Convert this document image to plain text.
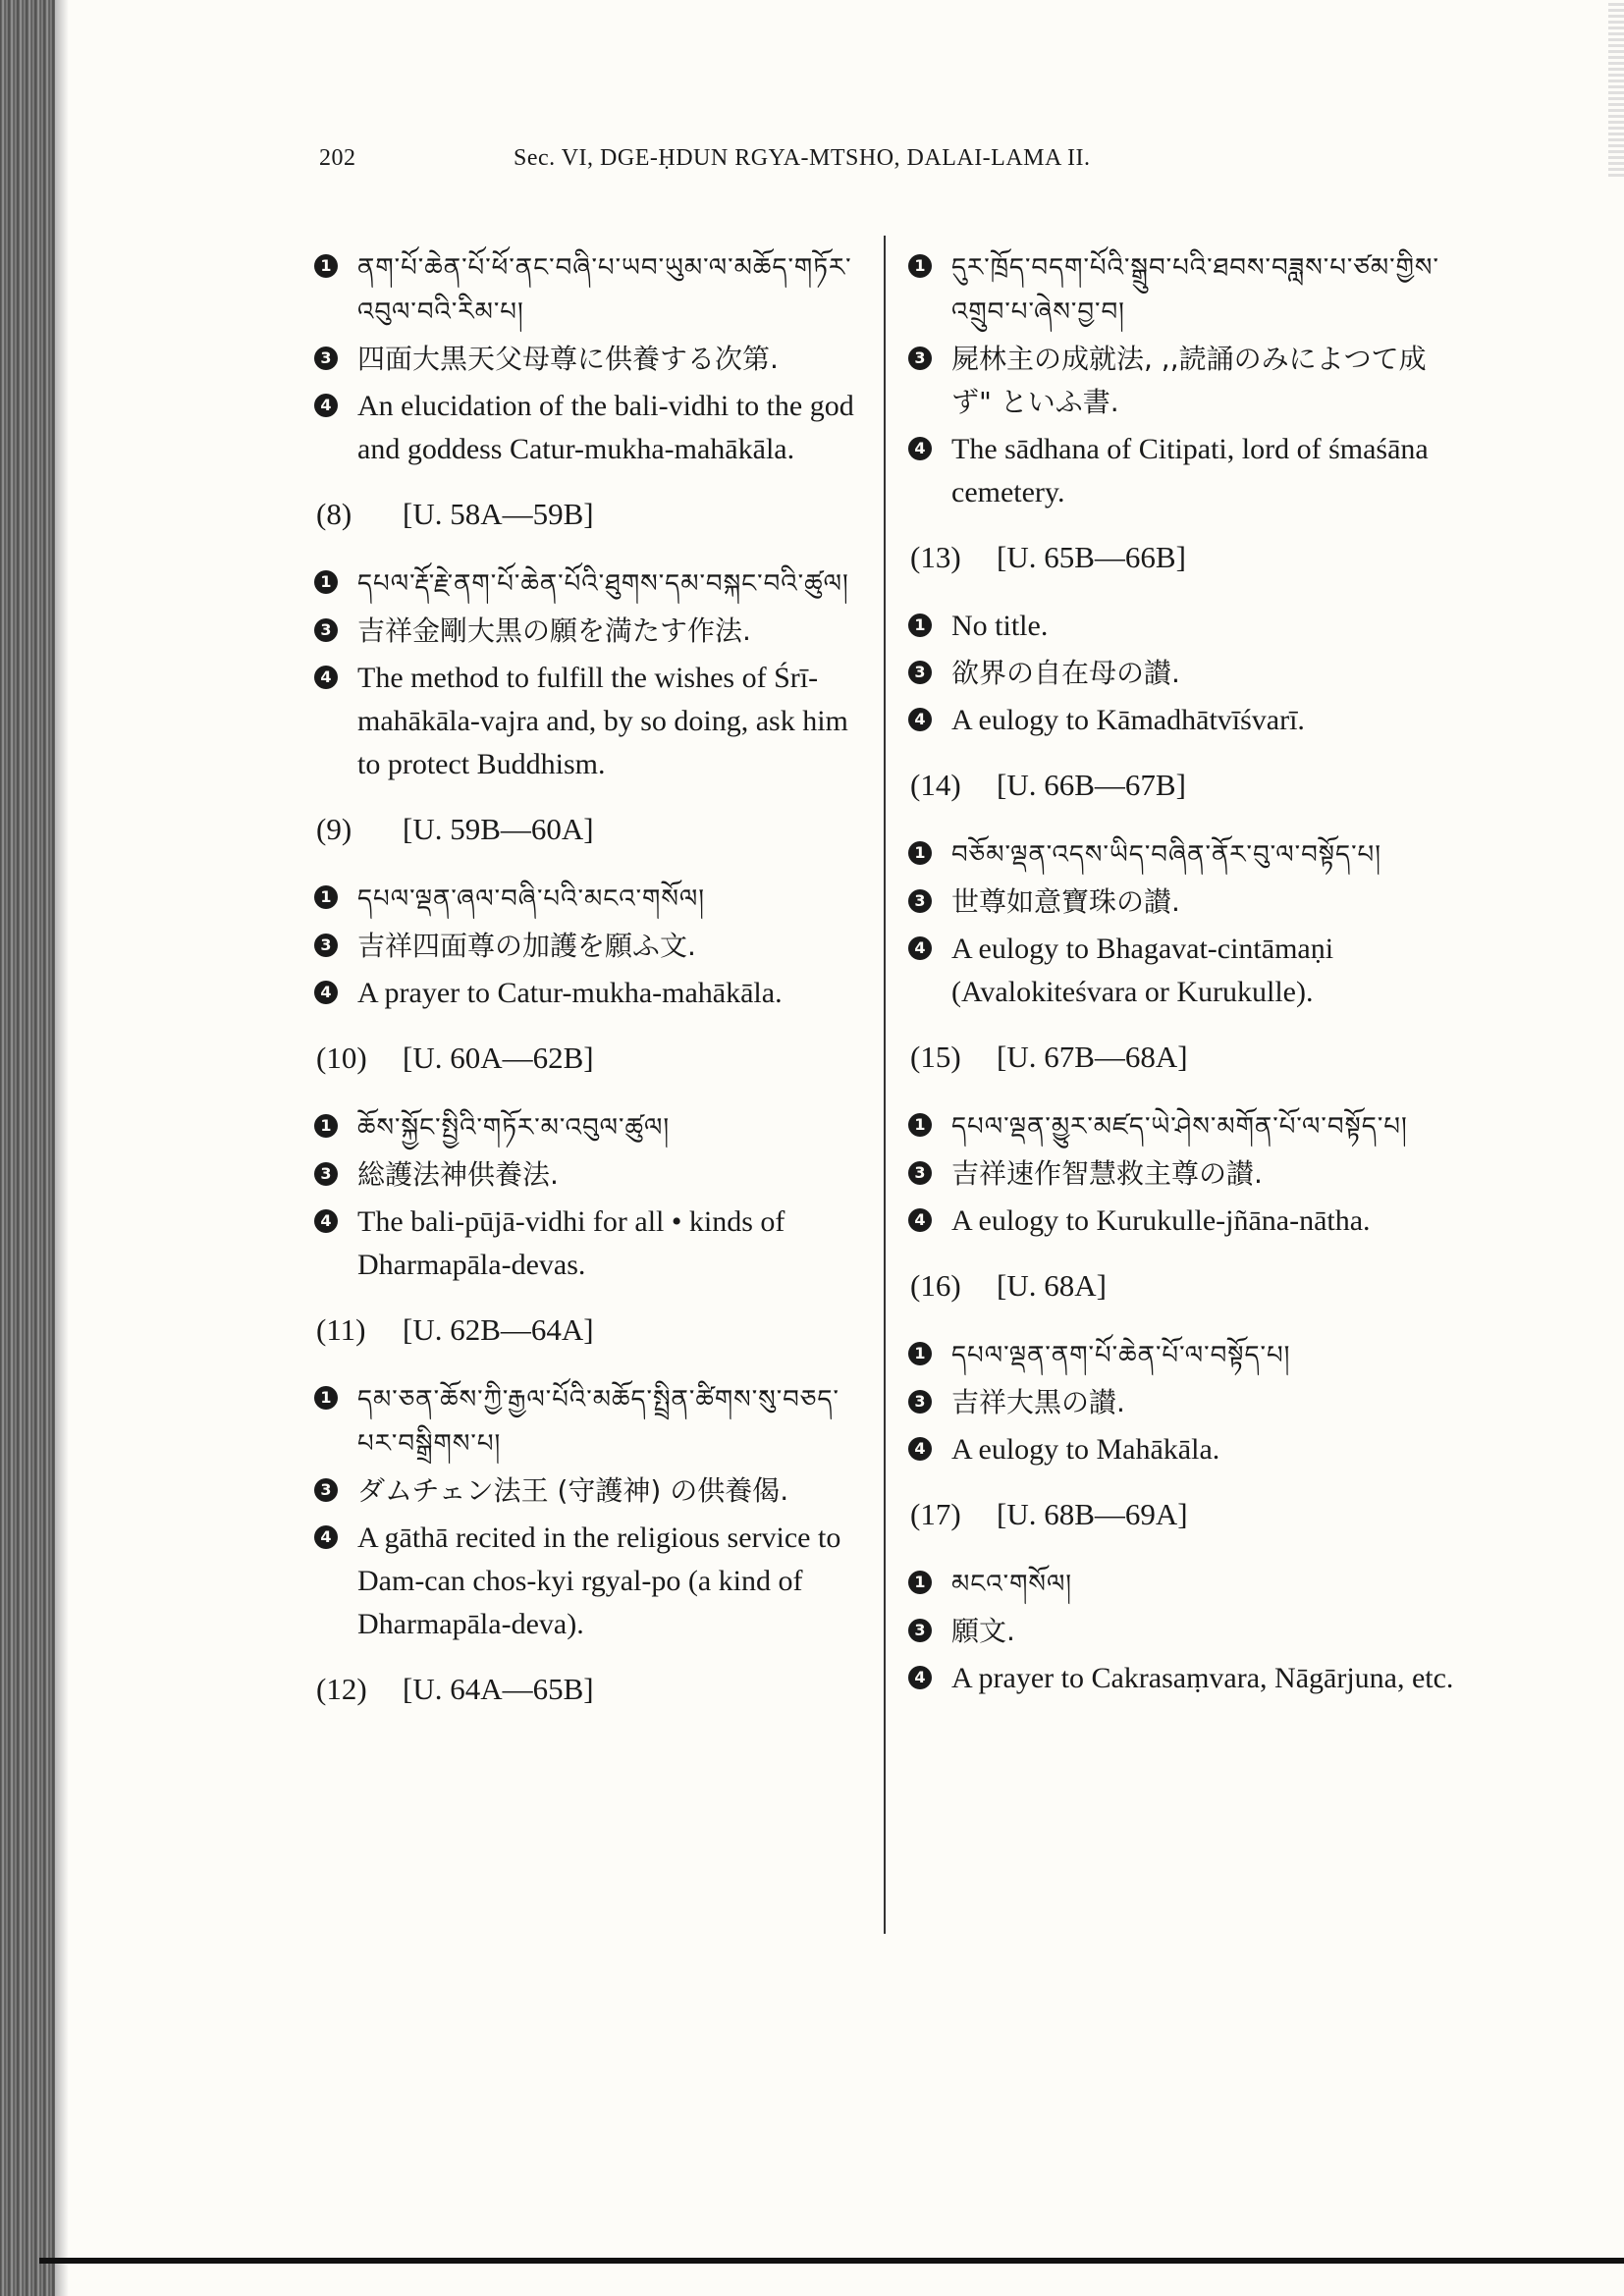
202	Sec. VI, DGE-ḤDUN RGYA-MTSHO, DALAI-LAMA II.
1 ནག་པོ་ཆེན་པོ་ཕོ་ནང་བཞི་པ་ཡབ་ཡུམ་ལ་མཆོད་གཏོར་འབུལ་བའི་རིམ་པ།
3 四面大黒天父母尊に供養する次第.
4 An elucidation of the bali-vidhi to the god and goddess Catur-mukha-mahākāla.
(8) [U. 58A—59B]
1 དཔལ་རྡོ་རྗེ་ནག་པོ་ཆེན་པོའི་ཐུགས་དམ་བསྐང་བའི་ཚུལ།
3 吉祥金剛大黒の願を満たす作法.
4 The method to fulfill the wishes of Śrī-mahākāla-vajra and, by so doing, ask him to protect Buddhism.
(9) [U. 59B—60A]
1 དཔལ་ལྡན་ཞལ་བཞི་པའི་མངའ་གསོལ།
3 吉祥四面尊の加護を願ふ文.
4 A prayer to Catur-mukha-mahākāla.
(10) [U. 60A—62B]
1 ཆོས་སྐྱོང་སྤྱིའི་གཏོར་མ་འབུལ་ཚུལ།
3 総護法神供養法.
4 The bali-pūjā-vidhi for all • kinds of Dharmapāla-devas.
(11) [U. 62B—64A]
1 དམ་ཅན་ཆོས་ཀྱི་རྒྱལ་པོའི་མཆོད་སྤྲིན་ཚིགས་སུ་བཅད་པར་བསྒྲིགས་པ།
3 ダムチェン法王 (守護神) の供養偈.
4 A gāthā recited in the religious service to Dam-can chos-kyi rgyal-po (a kind of Dharmapāla-deva).
(12) [U. 64A—65B]
1 དུར་ཁྲོད་བདག་པོའི་སྒྲུབ་པའི་ཐབས་བཟླས་པ་ཙམ་གྱིས་འགྲུབ་པ་ཞེས་བྱ་བ།
3 屍林主の成就法, ,,読誦のみによつて成ず" といふ書.
4 The sādhana of Citipati, lord of śmaśāna cemetery.
(13) [U. 65B—66B]
1 No title.
3 欲界の自在母の讃.
4 A eulogy to Kāmadhātvīśvarī.
(14) [U. 66B—67B]
1 བཅོམ་ལྡན་འདས་ཡིད་བཞིན་ནོར་བུ་ལ་བསྟོད་པ།
3 世尊如意寶珠の讃.
4 A eulogy to Bhagavat-cintāmaṇi (Avalokiteśvara or Kurukulle).
(15) [U. 67B—68A]
1 དཔལ་ལྡན་མྱུར་མཛད་ཡེ་ཤེས་མགོན་པོ་ལ་བསྟོད་པ།
3 吉祥速作智慧救主尊の讃.
4 A eulogy to Kurukulle-jñāna-nātha.
(16) [U. 68A]
1 དཔལ་ལྡན་ནག་པོ་ཆེན་པོ་ལ་བསྟོད་པ།
3 吉祥大黒の讃.
4 A eulogy to Mahākāla.
(17) [U. 68B—69A]
1 མངའ་གསོལ།
3 願文.
4 A prayer to Cakrasaṃvara, Nāgārjuna, etc.
